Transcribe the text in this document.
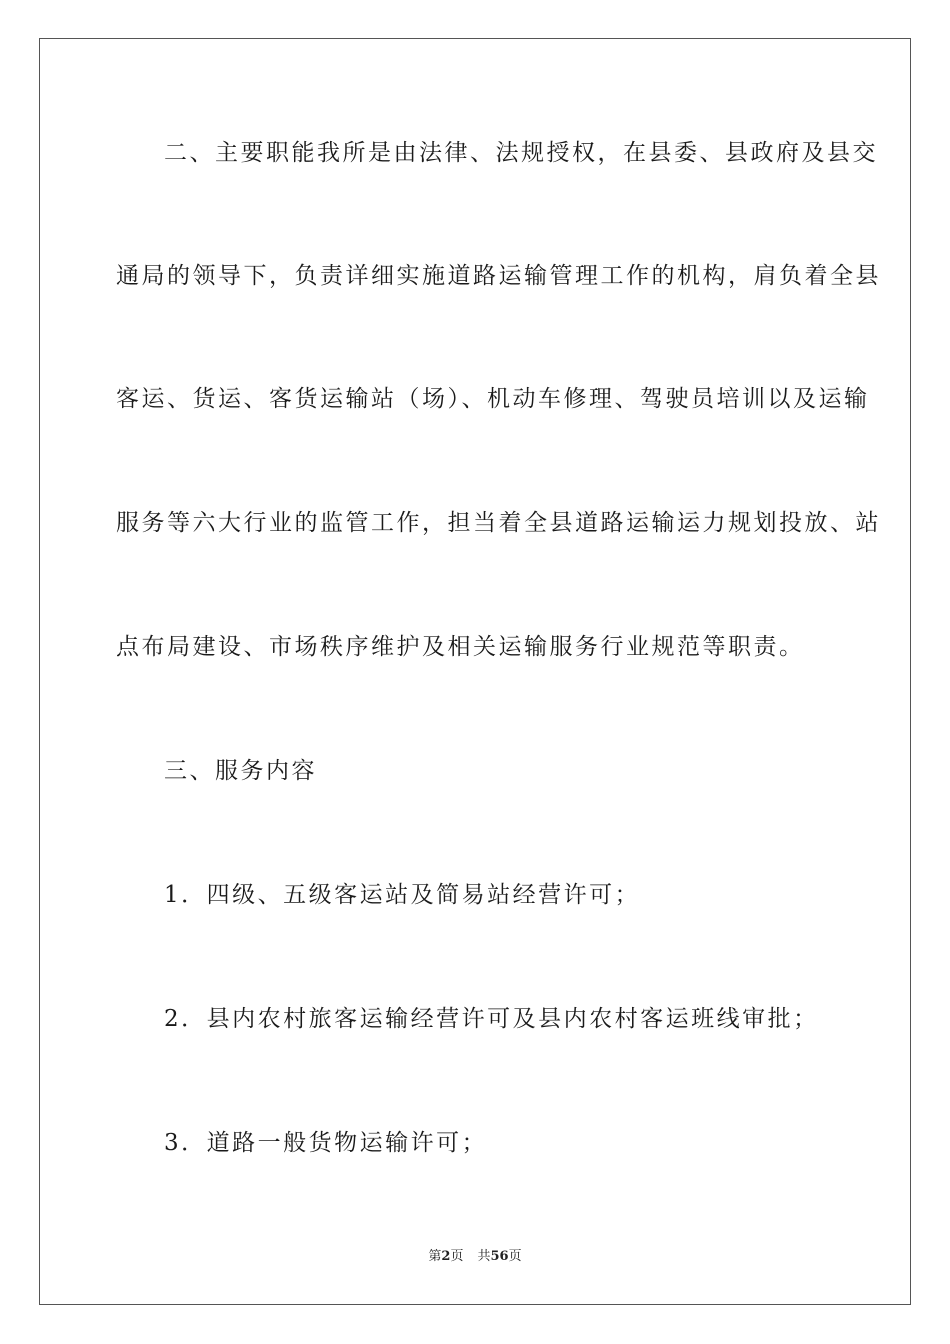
二、主要职能我所是由法律、法规授权，在县委、县政府及县交
通局的领导下，负责详细实施道路运输管理工作的机构，肩负着全县
客运、货运、客货运输站（场）、机动车修理、驾驶员培训以及运输
服务等六大行业的监管工作，担当着全县道路运输运力规划投放、站
点布局建设、市场秩序维护及相关运输服务行业规范等职责。
三、服务内容
1．四级、五级客运站及简易站经营许可；
2．县内农村旅客运输经营许可及县内农村客运班线审批；
3．道路一般货物运输许可；
第2页 共56页
